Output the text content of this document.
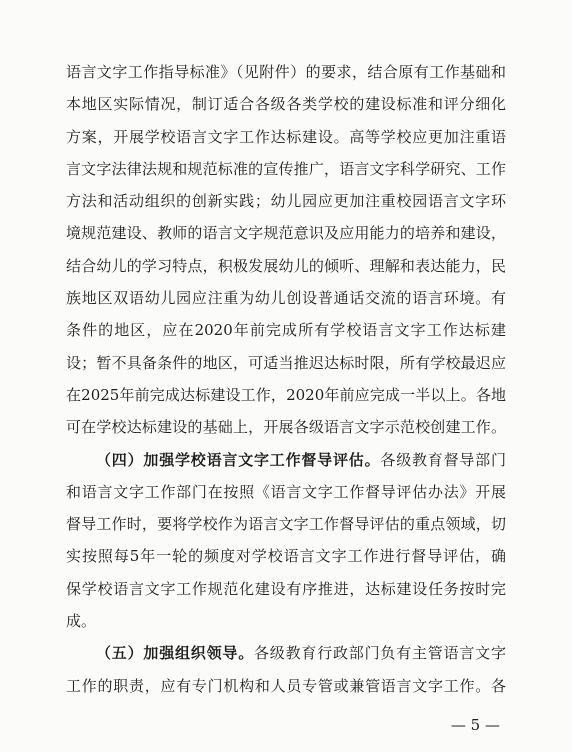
语言文字工作指导标准》（见附件）的要求，结合原有工作基础和
本地区实际情况，制订适合各级各类学校的建设标准和评分细化
方案，开展学校语言文字工作达标建设。高等学校应更加注重语
言文字法律法规和规范标准的宣传推广，语言文字科学研究、工作
方法和活动组织的创新实践；幼儿园应更加注重校园语言文字环
境规范建设、教师的语言文字规范意识及应用能力的培养和建设，
结合幼儿的学习特点，积极发展幼儿的倾听、理解和表达能力，民
族地区双语幼儿园应注重为幼儿创设普通话交流的语言环境。有
条件的地区，应在2020年前完成所有学校语言文字工作达标建
设；暂不具备条件的地区，可适当推迟达标时限，所有学校最迟应
在2025年前完成达标建设工作，2020年前应完成一半以上。各地
可在学校达标建设的基础上，开展各级语言文字示范校创建工作。
（四）加强学校语言文字工作督导评估。各级教育督导部门
和语言文字工作部门在按照《语言文字工作督导评估办法》开展
督导工作时，要将学校作为语言文字工作督导评估的重点领域，切
实按照每5年一轮的频度对学校语言文字工作进行督导评估，确
保学校语言文字工作规范化建设有序推进，达标建设任务按时完
成。
（五）加强组织领导。各级教育行政部门负有主管语言文字
工作的职责，应有专门机构和人员专管或兼管语言文字工作。各
— 5 —
